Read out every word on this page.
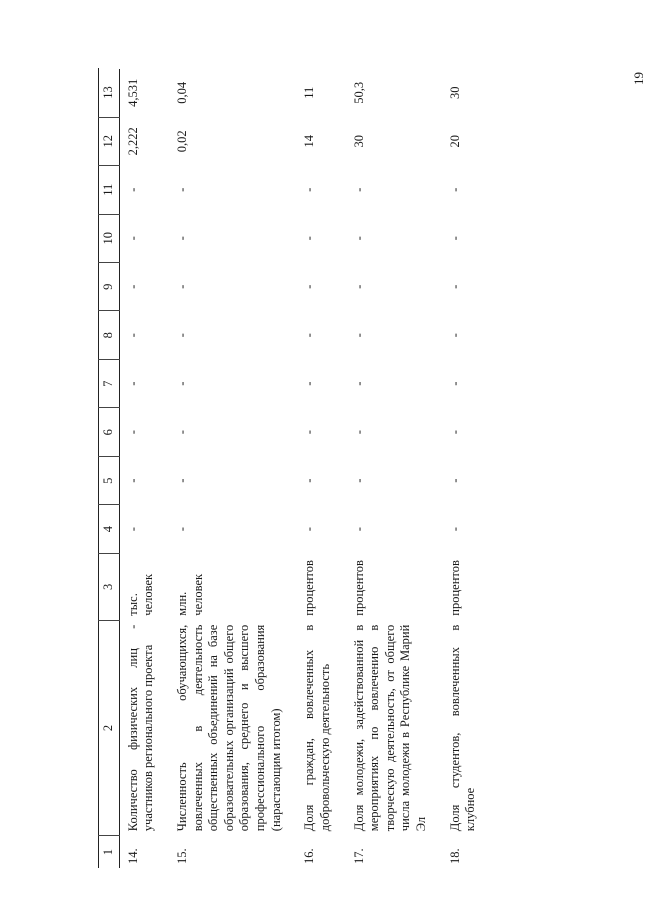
19
1	2	3	4	5	6	7	8	9	10	11	12	13
14.	Количество физических лиц - участников регионального проекта	тыс. человек	-	-	-	-	-	-	-	-	2,222	4,531
15.	Численность обучающихся, вовлеченных в деятельность общественных объединений на базе образовательных организаций общего образования, среднего и высшего профессионального образования (нарастающим итогом)	млн. человек	-	-	-	-	-	-	-	-	0,02	0,04
16.	Доля граждан, вовлеченных в добровольческую деятельность	процентов	-	-	-	-	-	-	-	-	14	11
17.	Доля молодежи, задействованной в мероприятиях по вовлечению в творческую деятельность, от общего числа молодежи в Республике Марий Эл	процентов	-	-	-	-	-	-	-	-	30	50,3
18.	Доля студентов, вовлеченных в клубное	процентов	-	-	-	-	-	-	-	-	20	30
